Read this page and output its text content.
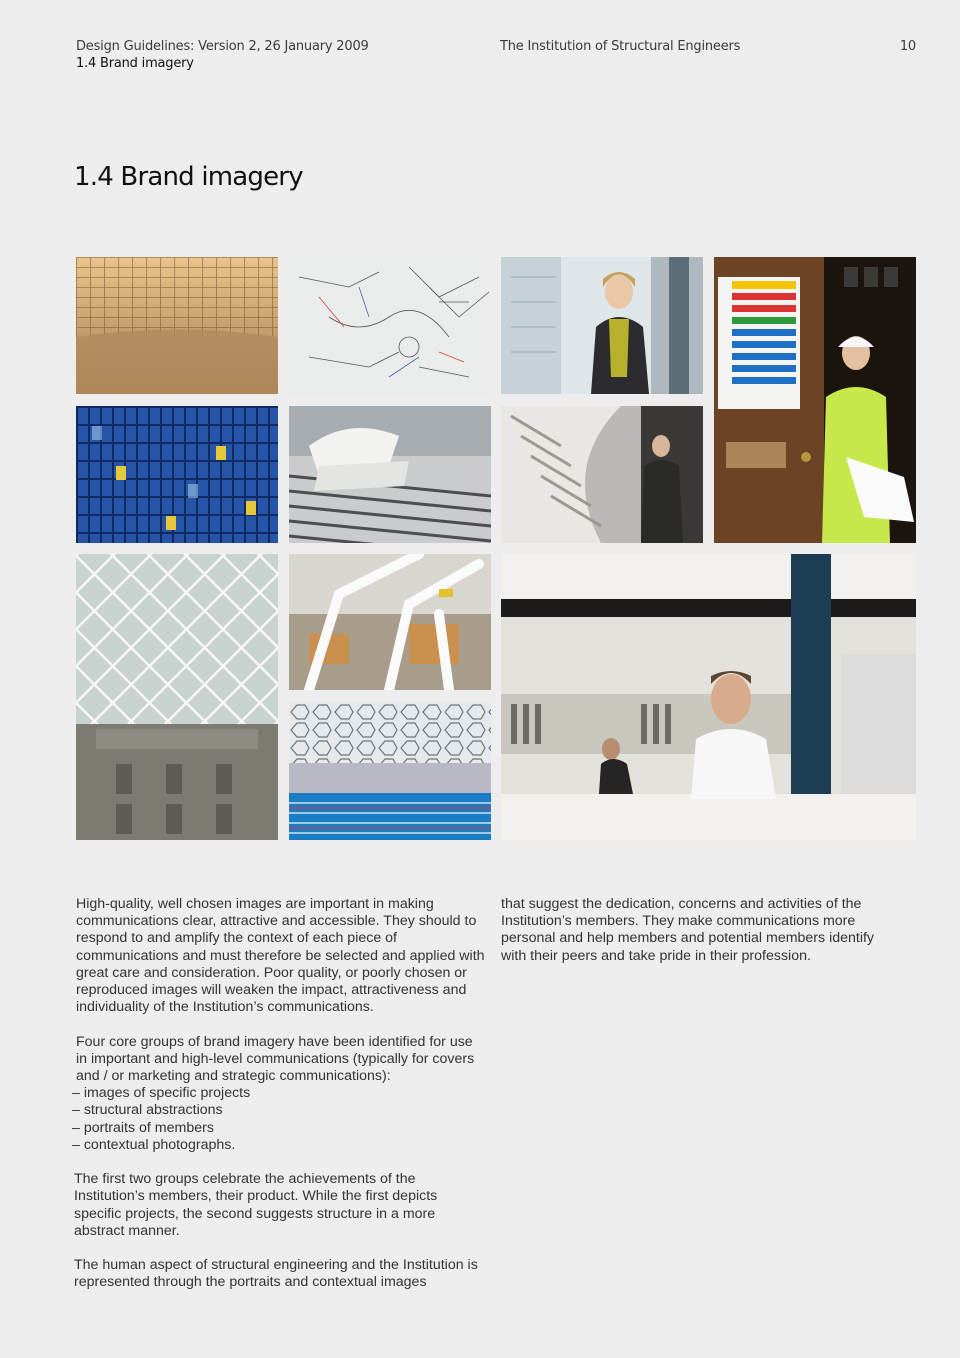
Design Guidelines: Version 2, 26 January 2009
1.4 Brand imagery
The Institution of Structural Engineers	10
1.4 Brand imagery

High-quality, well chosen images are important in making communications clear, attractive and accessible. They should to respond to and amplify the context of each piece of communications and must therefore be selected and applied with great care and consideration. Poor quality, or poorly chosen or reproduced images will weaken the impact, attractiveness and individuality of the Institution’s communications.

Four core groups of brand imagery have been identified for use in important and high-level communications (typically for covers and / or marketing and strategic communications):

– images of specific projects
– structural abstractions
– portraits of members
– contextual photographs.

The first two groups celebrate the achievements of the Institution’s members, their product. While the first depicts specific projects, the second suggests structure in a more abstract manner.

The human aspect of structural engineering and the Institution is represented through the portraits and contextual images

that suggest the dedication, concerns and activities of the Institution’s members. They make communications more personal and help members and potential members identify with their peers and take pride in their profession.
